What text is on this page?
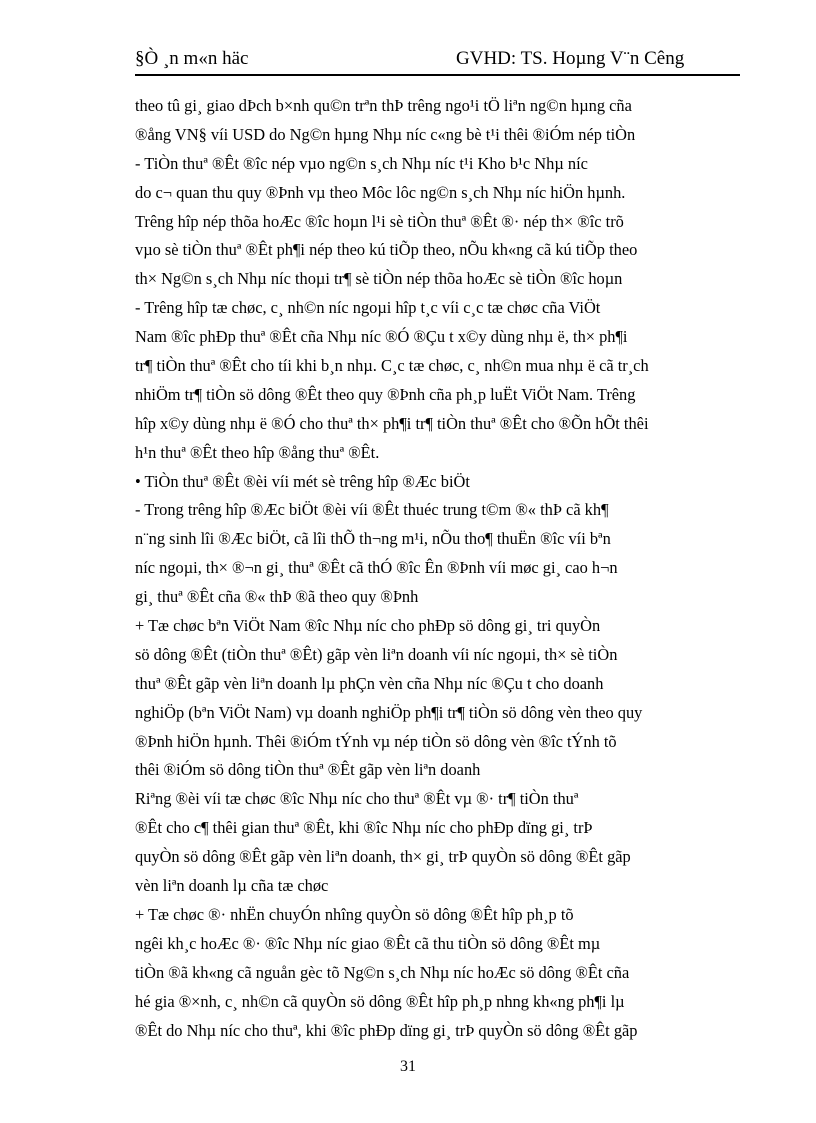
§Ò ¸n m«n häc	GVHD: TS. Hoµng V¨n Cêng
theo tû gi¸ giao dÞch b×nh qu©n trªn thÞ trêng ngo¹i tÖ liªn ng©n hµng cña
®ång VN§ víi USD do Ng©n hµng Nhµ níc c«ng bè t¹i thêi ®iÓm nép tiÒn
- TiÒn thuª ®Êt ®îc nép vµo ng©n s¸ch Nhµ níc t¹i Kho b¹c Nhµ níc
do c¬ quan thu quy ®Þnh vµ theo Môc lôc ng©n s¸ch Nhµ níc hiÖn hµnh.
Trêng hîp nép thõa hoÆc ®îc hoµn l¹i sè tiÒn thuª ®Êt ®· nép th× ®îc trõ
vµo sè tiÒn thuª ®Êt ph¶i nép theo kú tiÕp theo, nÕu kh«ng cã kú tiÕp theo
th× Ng©n s¸ch Nhµ níc thoµi tr¶ sè tiÒn nép thõa hoÆc sè tiÒn ®îc hoµn
- Trêng hîp tæ chøc, c¸ nh©n níc ngoµi hîp t¸c víi c¸c tæ chøc cña ViÖt
Nam ®îc phÐp thuª ®Êt cña Nhµ níc ®Ó ®Çu t x©y dùng nhµ ë, th× ph¶i
tr¶ tiÒn thuª ®Êt cho tíi khi b¸n nhµ. C¸c tæ chøc, c¸ nh©n mua nhµ ë cã tr¸ch
nhiÖm tr¶ tiÒn sö dông ®Êt theo quy ®Þnh cña ph¸p luËt ViÖt Nam. Trêng
hîp x©y dùng nhµ ë ®Ó cho thuª th× ph¶i tr¶ tiÒn thuª ®Êt cho ®Õn hÕt thêi
h¹n thuª ®Êt theo hîp ®ång thuª ®Êt.
• TiÒn thuª ®Êt ®èi víi mét sè trêng hîp ®Æc biÖt
- Trong trêng hîp ®Æc biÖt ®èi víi ®Êt thuéc trung t©m ®« thÞ cã kh¶
n¨ng sinh lîi ®Æc biÖt, cã lîi thÕ th¬ng m¹i, nÕu tho¶ thuËn ®îc víi bªn
níc ngoµi, th× ®¬n gi¸ thuª ®Êt cã thÓ ®îc Ên ®Þnh víi møc gi¸ cao h¬n
gi¸ thuª ®Êt cña ®« thÞ ®ã theo quy ®Þnh
+ Tæ chøc bªn ViÖt Nam ®îc Nhµ níc cho phÐp sö dông gi¸ tri quyÒn
sö dông ®Êt (tiÒn thuª ®Êt) gãp vèn liªn doanh víi níc ngoµi, th× sè tiÒn
thuª ®Êt gãp vèn liªn doanh lµ phÇn vèn cña Nhµ níc ®Çu t cho doanh
nghiÖp (bªn ViÖt Nam) vµ doanh nghiÖp ph¶i tr¶ tiÒn sö dông vèn theo quy
®Þnh hiÖn hµnh. Thêi ®iÓm tÝnh vµ nép tiÒn sö dông vèn ®îc tÝnh tõ
thêi ®iÓm sö dông tiÒn thuª ®Êt gãp vèn liªn doanh
Riªng ®èi víi tæ chøc ®îc Nhµ níc cho thuª ®Êt vµ ®· tr¶ tiÒn thuª
®Êt cho c¶ thêi gian thuª ®Êt, khi ®îc Nhµ níc cho phÐp dïng gi¸ trÞ
quyÒn sö dông ®Êt gãp vèn liªn doanh, th× gi¸ trÞ quyÒn sö dông ®Êt gãp
vèn liªn doanh lµ cña tæ chøc
+ Tæ chøc ®· nhËn chuyÓn nhîng quyÒn sö dông ®Êt hîp ph¸p tõ
ngêi kh¸c hoÆc ®· ®îc Nhµ níc giao ®Êt cã thu tiÒn sö dông ®Êt mµ
tiÒn ®ã kh«ng cã nguån gèc tõ Ng©n s¸ch Nhµ níc hoÆc sö dông ®Êt cña
hé gia ®×nh, c¸ nh©n cã quyÒn sö dông ®Êt hîp ph¸p nhng kh«ng ph¶i lµ
®Êt do Nhµ níc cho thuª, khi ®îc phÐp dïng gi¸ trÞ quyÒn sö dông ®Êt gãp
31
